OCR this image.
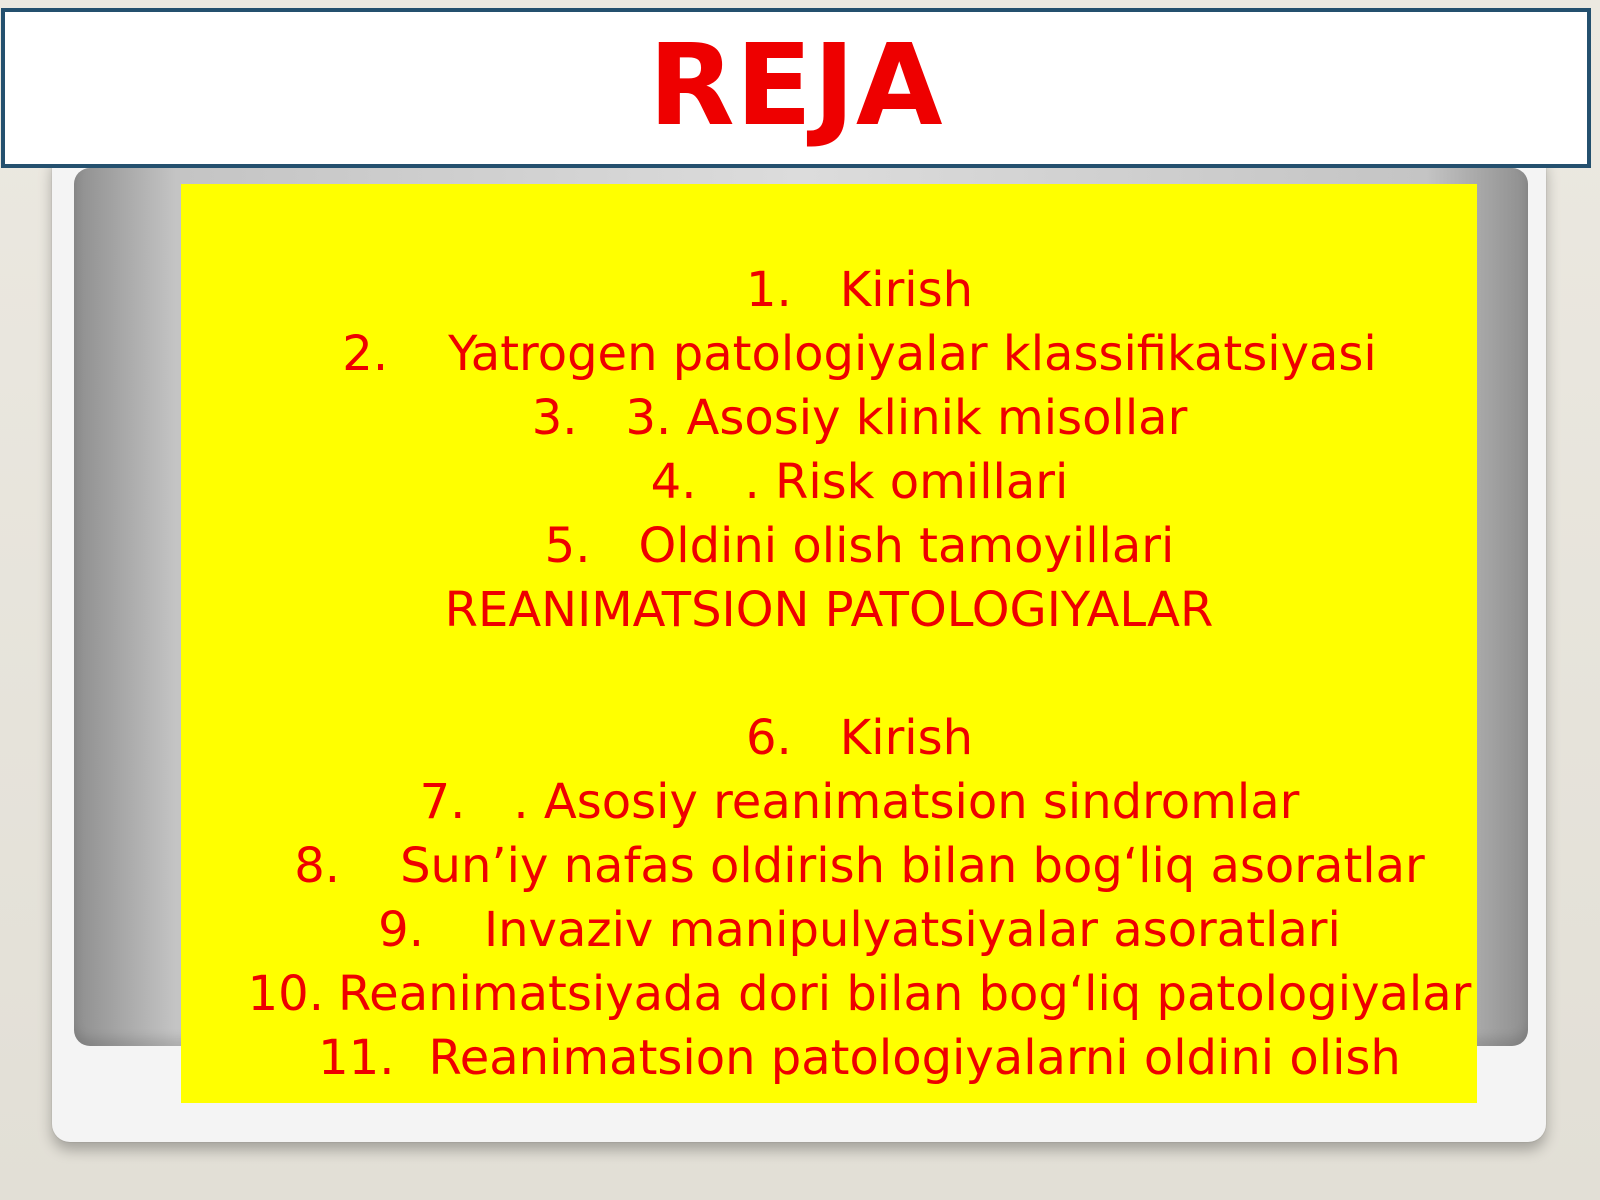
REJA

1. Kirish

2. Yatrogen patologiyalar klassifikatsiyasi

3. 3. Asosiy klinik misollar

4. . Risk omillari

5. Oldini olish tamoyillari

REANIMATSION PATOLOGIYALAR

6. Kirish

7. . Asosiy reanimatsion sindromlar

8. Sun’iy nafas oldirish bilan bog‘liq asoratlar

9. Invaziv manipulyatsiyalar asoratlari

10. Reanimatsiyada dori bilan bog‘liq patologiyalar

11. Reanimatsion patologiyalarni oldini olish
